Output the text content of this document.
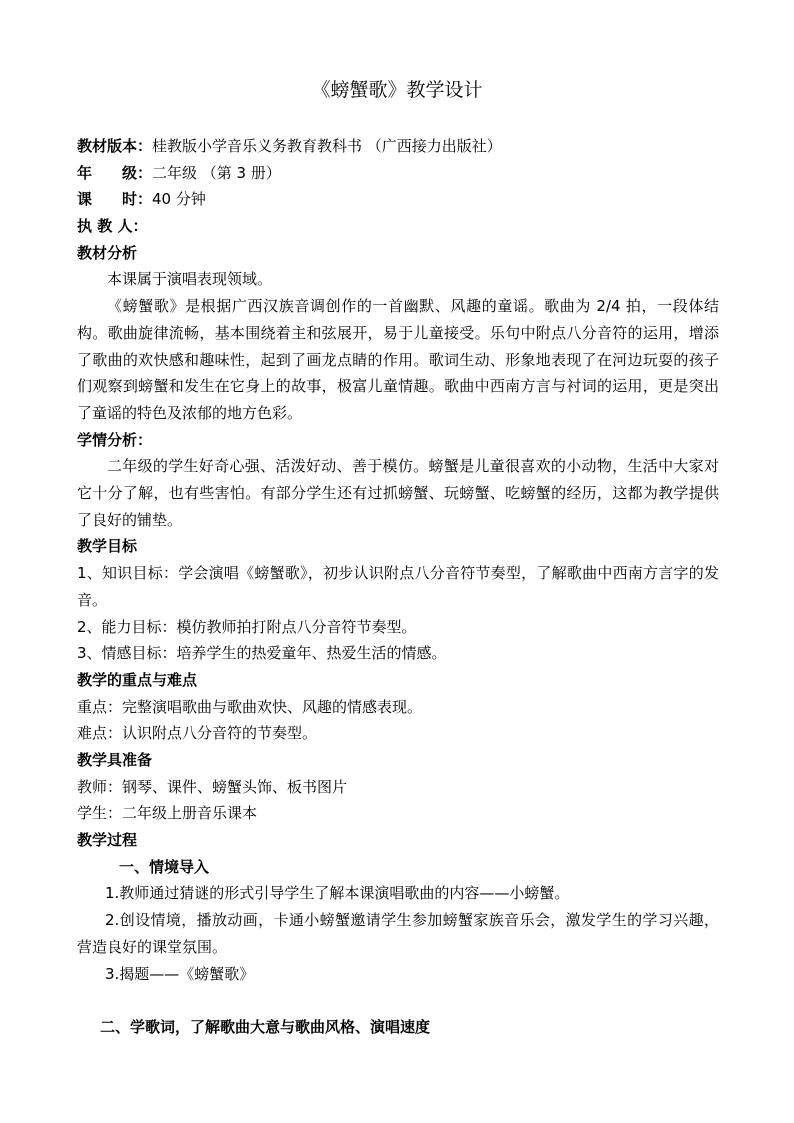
《螃蟹歌》教学设计
教材版本：桂教版小学音乐义务教育教科书 （广西接力出版社）
年　　级：二年级 （第 3 册）
课　　时：40 分钟
执 教 人：
教材分析

本课属于演唱表现领域。

《螃蟹歌》是根据广西汉族音调创作的一首幽默、风趣的童谣。歌曲为 2/4 拍，一段体结构。歌曲旋律流畅，基本围绕着主和弦展开，易于儿童接受。乐句中附点八分音符的运用，增添了歌曲的欢快感和趣味性，起到了画龙点睛的作用。歌词生动、形象地表现了在河边玩耍的孩子们观察到螃蟹和发生在它身上的故事，极富儿童情趣。歌曲中西南方言与衬词的运用，更是突出了童谣的特色及浓郁的地方色彩。

学情分析：

二年级的学生好奇心强、活泼好动、善于模仿。螃蟹是儿童很喜欢的小动物，生活中大家对它十分了解，也有些害怕。有部分学生还有过抓螃蟹、玩螃蟹、吃螃蟹的经历，这都为教学提供了良好的铺垫。

教学目标

1、知识目标：学会演唱《螃蟹歌》，初步认识附点八分音符节奏型，了解歌曲中西南方言字的发音。

2、能力目标：模仿教师拍打附点八分音符节奏型。
3、情感目标：培养学生的热爱童年、热爱生活的情感。
教学的重点与难点
重点：完整演唱歌曲与歌曲欢快、风趣的情感表现。
难点：认识附点八分音符的节奏型。
教学具准备
教师：钢琴、课件、螃蟹头饰、板书图片
学生：二年级上册音乐课本
教学过程
一、情境导入
1.教师通过猜谜的形式引导学生了解本课演唱歌曲的内容——小螃蟹。

2.创设情境，播放动画，卡通小螃蟹邀请学生参加螃蟹家族音乐会，激发学生的学习兴趣，营造良好的课堂氛围。

3.揭题——《螃蟹歌》
二、学歌词，了解歌曲大意与歌曲风格、演唱速度
